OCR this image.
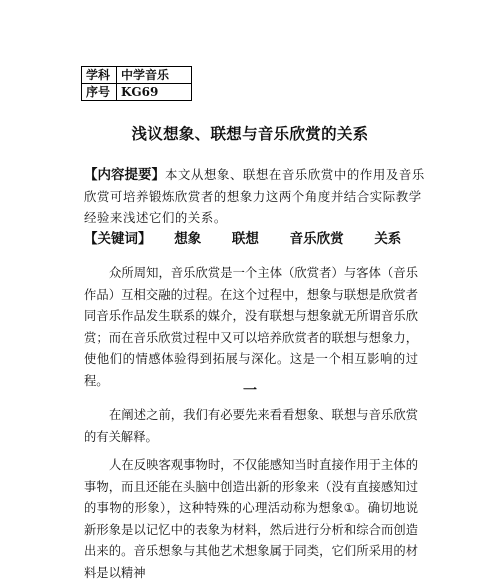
学科	中学音乐
序号	KG69
浅议想象、联想与音乐欣赏的关系
【内容提要】本文从想象、联想在音乐欣赏中的作用及音乐欣赏可培养锻炼欣赏者的想象力这两个角度并结合实际教学经验来浅述它们的关系。
【关键词】 想象 联想 音乐欣赏 关系

众所周知，音乐欣赏是一个主体（欣赏者）与客体（音乐作品）互相交融的过程。在这个过程中，想象与联想是欣赏者同音乐作品发生联系的媒介，没有联想与想象就无所谓音乐欣赏；而在音乐欣赏过程中又可以培养欣赏者的联想与想象力，使他们的情感体验得到拓展与深化。这是一个相互影响的过程。

一

在阐述之前，我们有必要先来看看想象、联想与音乐欣赏的有关解释。

人在反映客观事物时，不仅能感知当时直接作用于主体的事物，而且还能在头脑中创造出新的形象来（没有直接感知过的事物的形象），这种特殊的心理活动称为想象①。确切地说新形象是以记忆中的表象为材料，然后进行分析和综合而创造出来的。音乐想象与其他艺术想象属于同类，它们所采用的材料是以精神
